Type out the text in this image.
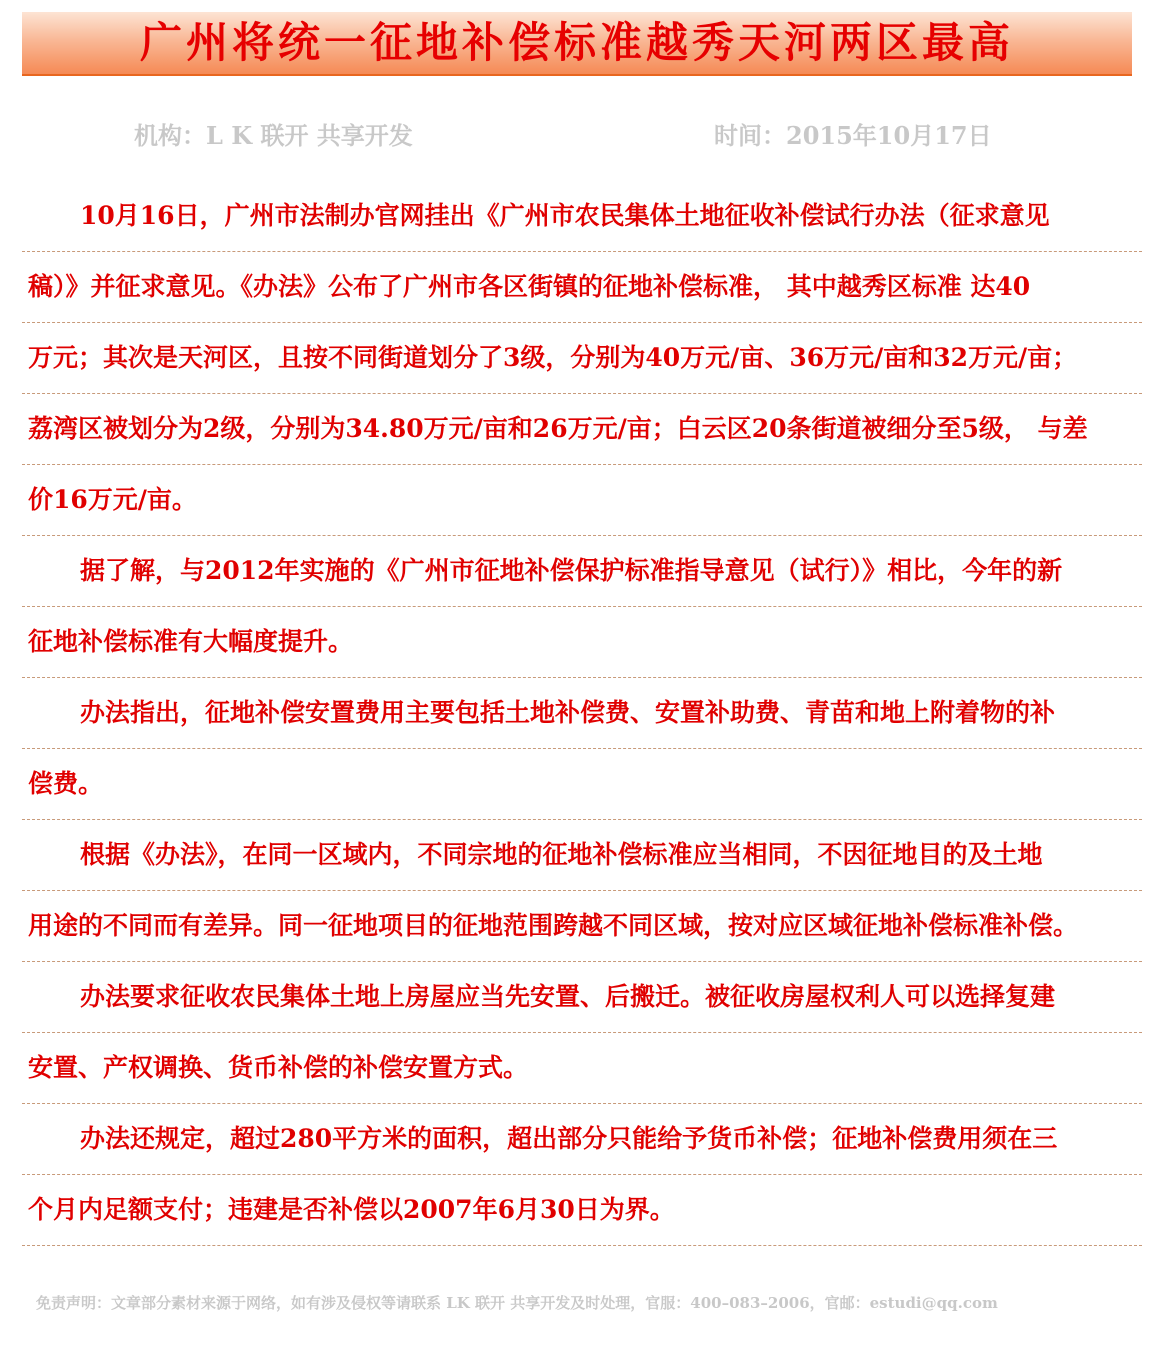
广州将统一征地补偿标准越秀天河两区最高
机构：L K 联开 共享开发	时间：2015年10月17日
10月16日，广州市法制办官网挂出《广州市农民集体土地征收补偿试行办法（征求意见
稿）》并征求意见。《办法》公布了广州市各区街镇的征地补偿标准， 其中越秀区标准 达40
万元；其次是天河区，且按不同街道划分了3级，分别为40万元/亩、36万元/亩和32万元/亩；
荔湾区被划分为2级，分别为34.80万元/亩和26万元/亩；白云区20条街道被细分至5级， 与差
价16万元/亩。
据了解，与2012年实施的《广州市征地补偿保护标准指导意见（试行）》相比，今年的新
征地补偿标准有大幅度提升。
办法指出，征地补偿安置费用主要包括土地补偿费、安置补助费、青苗和地上附着物的补
偿费。
根据《办法》，在同一区域内，不同宗地的征地补偿标准应当相同，不因征地目的及土地
用途的不同而有差异。同一征地项目的征地范围跨越不同区域，按对应区域征地补偿标准补偿。
办法要求征收农民集体土地上房屋应当先安置、后搬迁。被征收房屋权利人可以选择复建
安置、产权调换、货币补偿的补偿安置方式。
办法还规定，超过280平方米的面积，超出部分只能给予货币补偿；征地补偿费用须在三
个月内足额支付；违建是否补偿以2007年6月30日为界。
免责声明：文章部分素材来源于网络，如有涉及侵权等请联系 LK 联开 共享开发及时处理，官服：400–083–2006，官邮：estudi@qq.com
